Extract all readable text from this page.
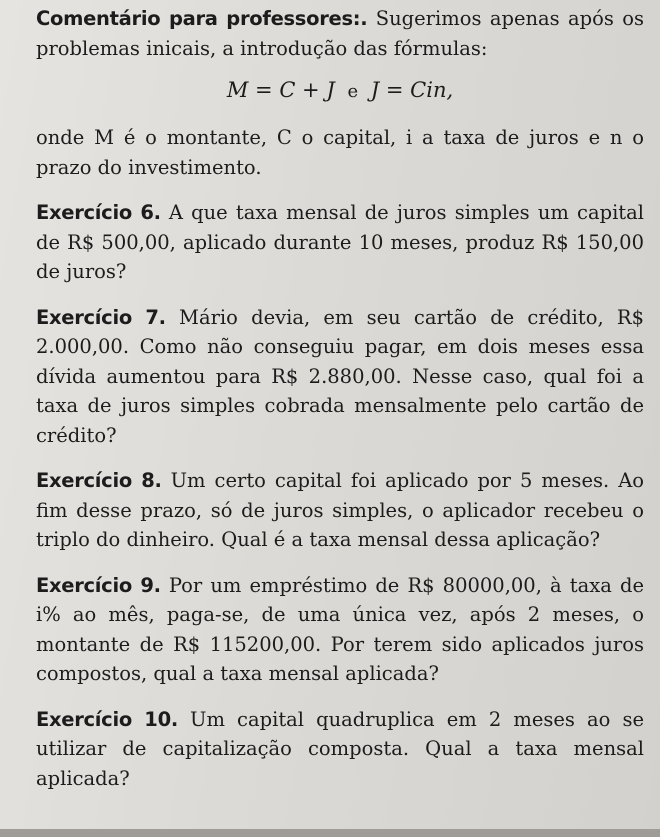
Comentário para professores:. Sugerimos apenas após os problemas inicais, a introdução das fórmulas:

M = C + J e J = Cin,

onde M é o montante, C o capital, i a taxa de juros e n o prazo do investimento.

Exercício 6. A que taxa mensal de juros simples um capital de R$ 500,00, aplicado durante 10 meses, produz R$ 150,00 de juros?

Exercício 7. Mário devia, em seu cartão de crédito, R$ 2.000,00. Como não conseguiu pagar, em dois meses essa dívida aumentou para R$ 2.880,00. Nesse caso, qual foi a taxa de juros simples cobrada mensalmente pelo cartão de crédito?

Exercício 8. Um certo capital foi aplicado por 5 meses. Ao fim desse prazo, só de juros simples, o aplicador recebeu o triplo do dinheiro. Qual é a taxa mensal dessa aplicação?

Exercício 9. Por um empréstimo de R$ 80000,00, à taxa de i% ao mês, paga-se, de uma única vez, após 2 meses, o montante de R$ 115200,00. Por terem sido aplicados juros compostos, qual a taxa mensal aplicada?

Exercício 10. Um capital quadruplica em 2 meses ao se utilizar de capitalização composta. Qual a taxa mensal aplicada?
